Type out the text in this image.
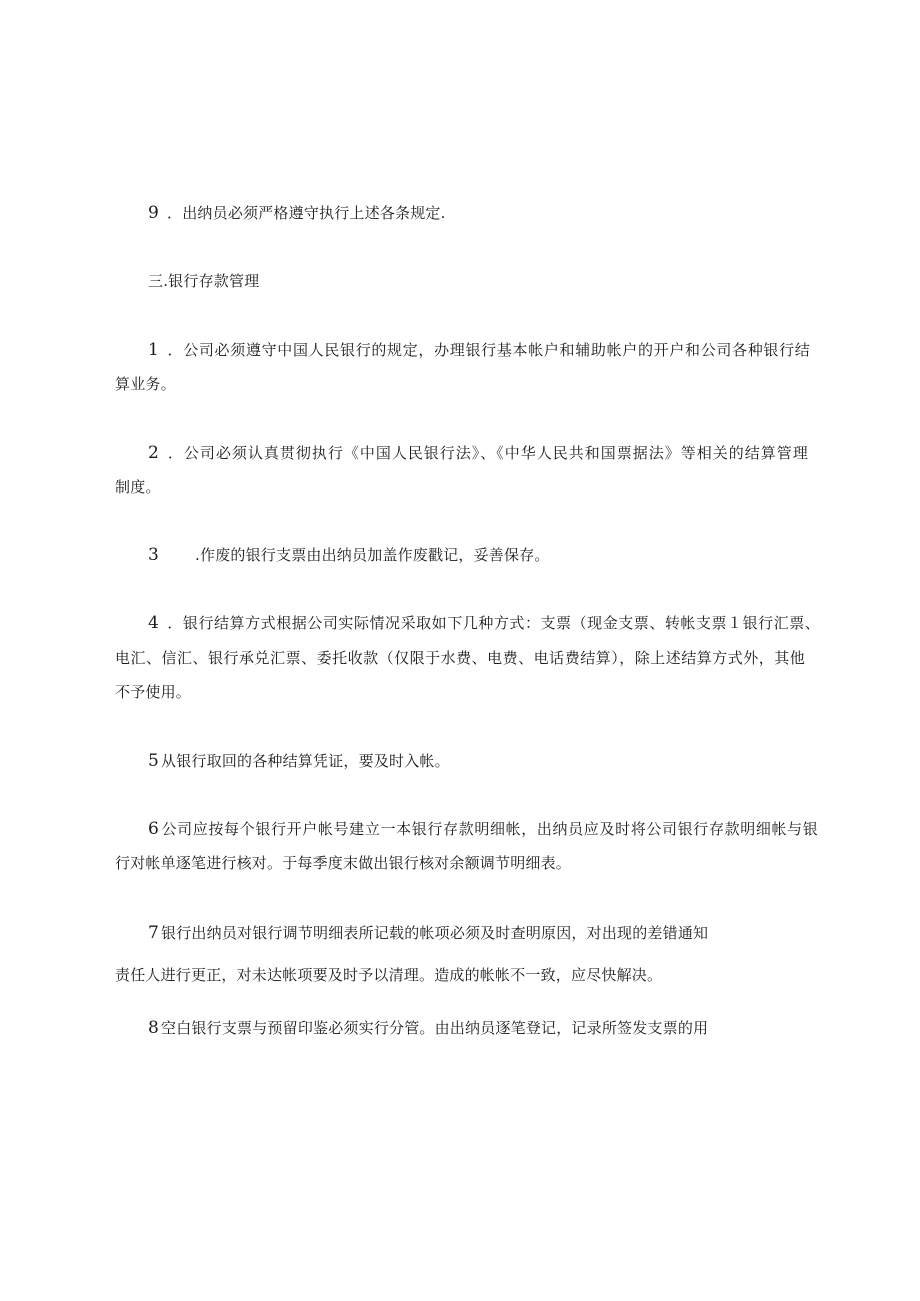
9 ．出纳员必须严格遵守执行上述各条规定.
三.银行存款管理
1 ．公司必须遵守中国人民银行的规定，办理银行基本帐户和辅助帐户的开户和公司各种银行结
算业务。
2 ．公司必须认真贯彻执行《中国人民银行法》、《中华人民共和国票据法》等相关的结算管理
制度。
3 .作废的银行支票由出纳员加盖作废戳记，妥善保存。
4 ．银行结算方式根据公司实际情况采取如下几种方式：支票（现金支票、转帐支票１银行汇票、
电汇、信汇、银行承兑汇票、委托收款（仅限于水费、电费、电话费结算），除上述结算方式外，其他
不予使用。
5 从银行取回的各种结算凭证，要及时入帐。
6 公司应按每个银行开户帐号建立一本银行存款明细帐，出纳员应及时将公司银行存款明细帐与银
行对帐单逐笔进行核对。于每季度末做出银行核对余额调节明细表。
7 银行出纳员对银行调节明细表所记载的帐项必须及时查明原因，对出现的差错通知
责任人进行更正，对未达帐项要及时予以清理。造成的帐帐不一致，应尽快解决。
8 空白银行支票与预留印鉴必须实行分管。由出纳员逐笔登记，记录所签发支票的用
